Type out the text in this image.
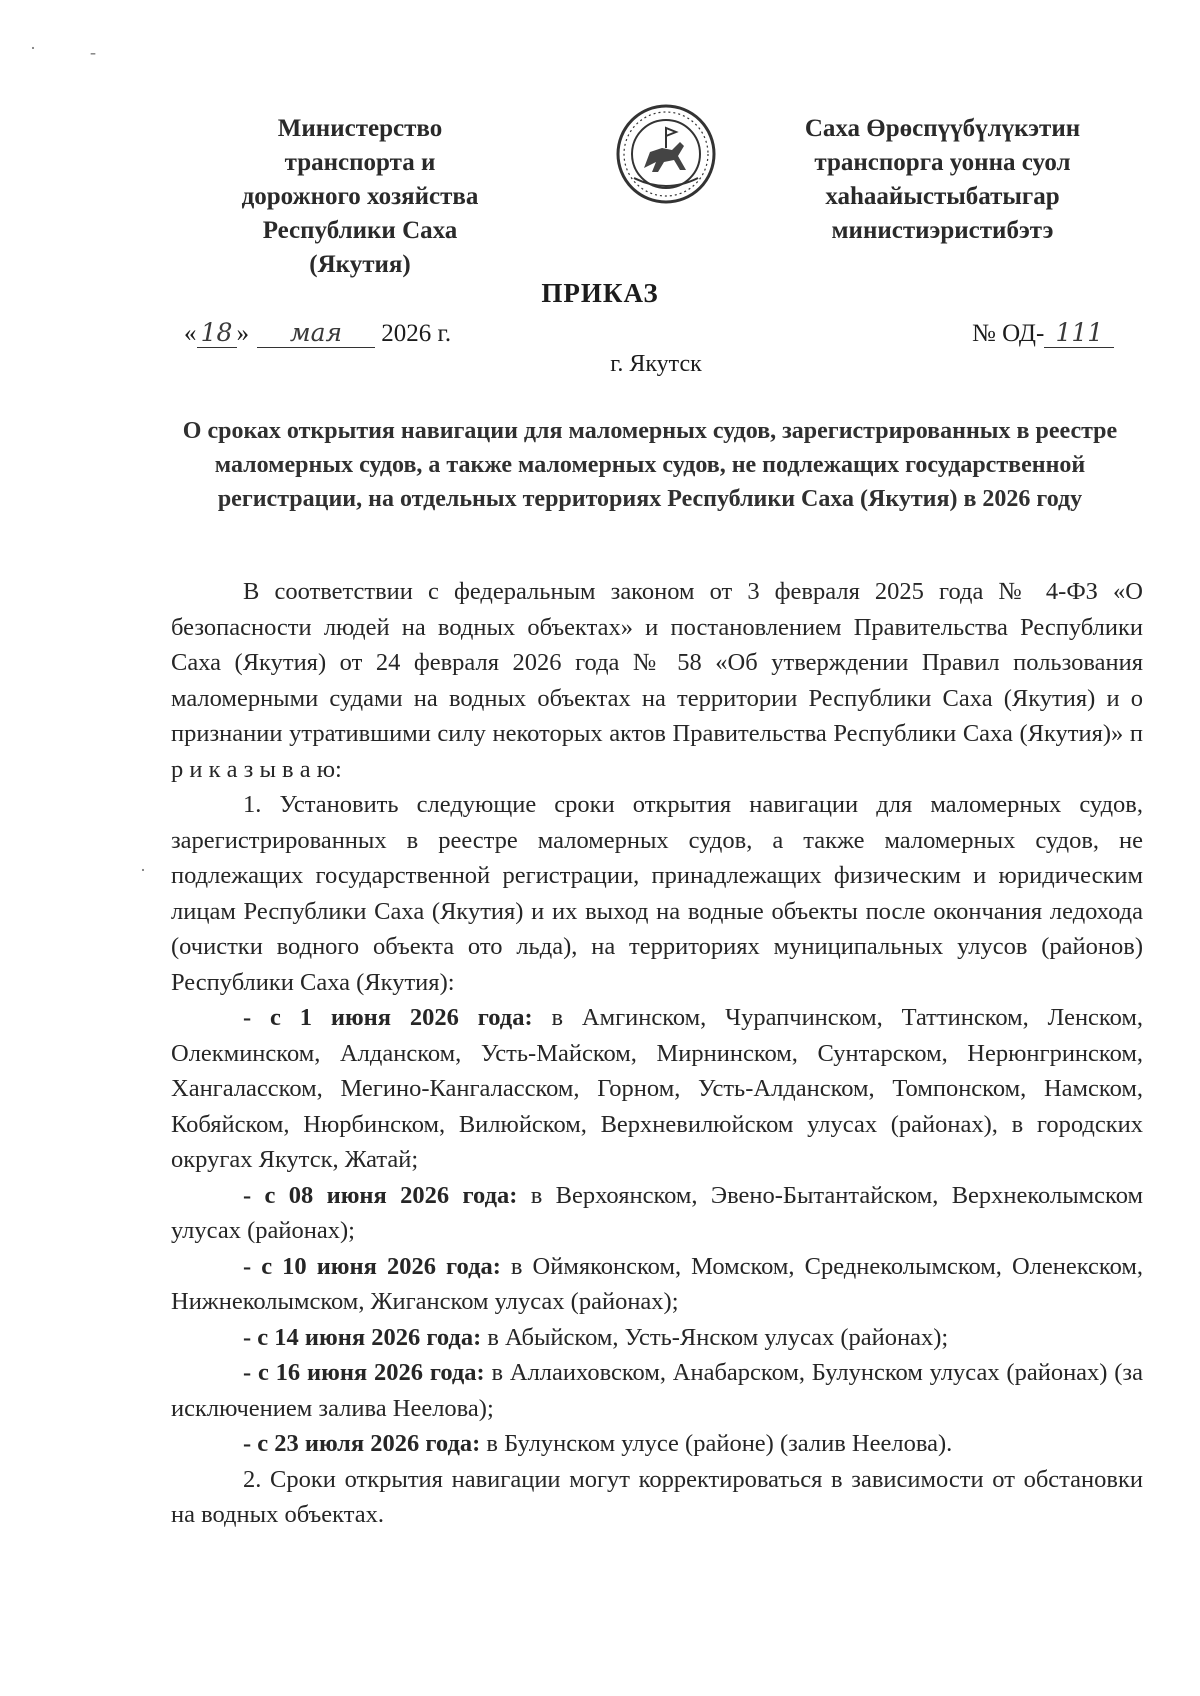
·	-
·
Министерство транспорта и дорожного хозяйства Республики Саха (Якутия)
Саха Өрөспүүбүлүкэтин транспорга уонна суол хаһаайыстыбатыгар министиэристибэтэ
ПРИКАЗ
« 18 » мая 2026 г.	№ ОД- 111
г. Якутск
О сроках открытия навигации для маломерных судов, зарегистрированных в реестре маломерных судов, а также маломерных судов, не подлежащих государственной регистрации, на отдельных территориях Республики Саха (Якутия) в 2026 году

В соответствии с федеральным законом от 3 февраля 2025 года № 4-ФЗ «О безопасности людей на водных объектах» и постановлением Правительства Республики Саха (Якутия) от 24 февраля 2026 года № 58 «Об утверждении Правил пользования маломерными судами на водных объектах на территории Республики Саха (Якутия) и о признании утратившими силу некоторых актов Правительства Республики Саха (Якутия)» п р и к а з ы в а ю:

1. Установить следующие сроки открытия навигации для маломерных судов, зарегистрированных в реестре маломерных судов, а также маломерных судов, не подлежащих государственной регистрации, принадлежащих физическим и юридическим лицам Республики Саха (Якутия) и их выход на водные объекты после окончания ледохода (очистки водного объекта ото льда), на территориях муниципальных улусов (районов) Республики Саха (Якутия):

- с 1 июня 2026 года: в Амгинском, Чурапчинском, Таттинском, Ленском, Олекминском, Алданском, Усть-Майском, Мирнинском, Сунтарском, Нерюнгринском, Хангаласском, Мегино-Кангаласском, Горном, Усть-Алданском, Томпонском, Намском, Кобяйском, Нюрбинском, Вилюйском, Верхневилюйском улусах (районах), в городских округах Якутск, Жатай;

- с 08 июня 2026 года: в Верхоянском, Эвено-Бытантайском, Верхнеколымском улусах (районах);

- с 10 июня 2026 года: в Оймяконском, Момском, Среднеколымском, Оленекском, Нижнеколымском, Жиганском улусах (районах);

- с 14 июня 2026 года: в Абыйском, Усть-Янском улусах (районах);

- с 16 июня 2026 года: в Аллаиховском, Анабарском, Булунском улусах (районах) (за исключением залива Неелова);

- с 23 июля 2026 года: в Булунском улусе (районе) (залив Неелова).

2. Сроки открытия навигации могут корректироваться в зависимости от обстановки на водных объектах.
